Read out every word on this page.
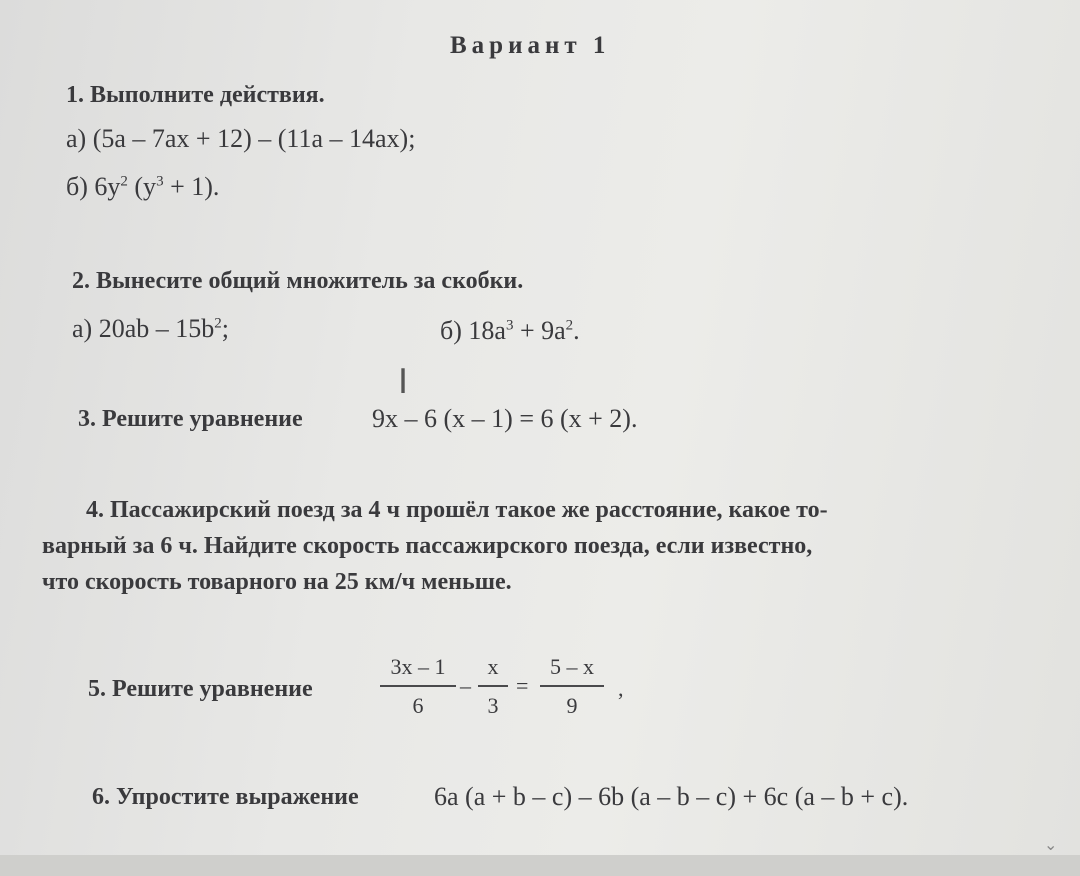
Вариант 1
1. Выполните действия.
а) (5a – 7ax + 12) – (11a – 14ax);
б) $6y^2$ $(y^3 + 1)$.
2. Вынесите общий множитель за скобки.
а) $20ab - 15b^2$;	б) $18a^3 + 9a^2$.
I
3. Решите уравнение	9x – 6 (x – 1) = 6 (x + 2).
4. Пассажирский поезд за 4 ч прошёл такое же расстояние, какое то-
варный за 6 ч. Найдите скорость пассажирского поезда, если известно,
что скорость товарного на 25 км/ч меньше.
5. Решите уравнение
3x – 1
6
–
x
3
=
5 – x
9
,
6. Упростите выражение	6a (a + b – c) – 6b (a – b – c) + 6c (a – b + c).
⌄
